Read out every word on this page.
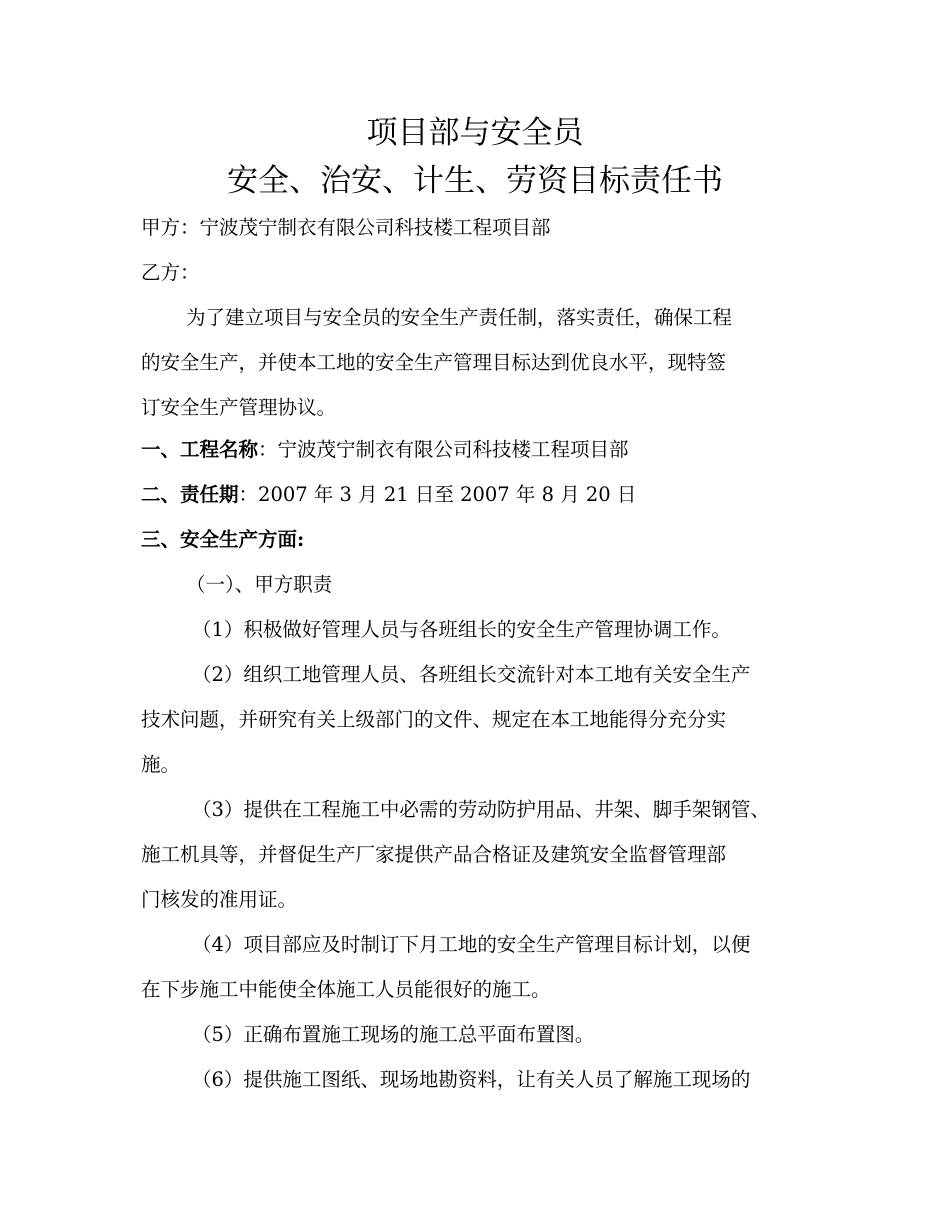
项目部与安全员
安全、治安、计生、劳资目标责任书
甲方：宁波茂宁制衣有限公司科技楼工程项目部
乙方：
为了建立项目与安全员的安全生产责任制，落实责任，确保工程
的安全生产，并使本工地的安全生产管理目标达到优良水平，现特签
订安全生产管理协议。
一、工程名称：宁波茂宁制衣有限公司科技楼工程项目部
二、责任期：2007 年 3 月 21 日至 2007 年 8 月 20 日
三、安全生产方面:
（一）、甲方职责
（1）积极做好管理人员与各班组长的安全生产管理协调工作。
（2）组织工地管理人员、各班组长交流针对本工地有关安全生产
技术问题，并研究有关上级部门的文件、规定在本工地能得分充分实
施。
（3）提供在工程施工中必需的劳动防护用品、井架、脚手架钢管、
施工机具等，并督促生产厂家提供产品合格证及建筑安全监督管理部
门核发的准用证。
（4）项目部应及时制订下月工地的安全生产管理目标计划，以便
在下步施工中能使全体施工人员能很好的施工。
（5）正确布置施工现场的施工总平面布置图。
（6）提供施工图纸、现场地勘资料，让有关人员了解施工现场的
